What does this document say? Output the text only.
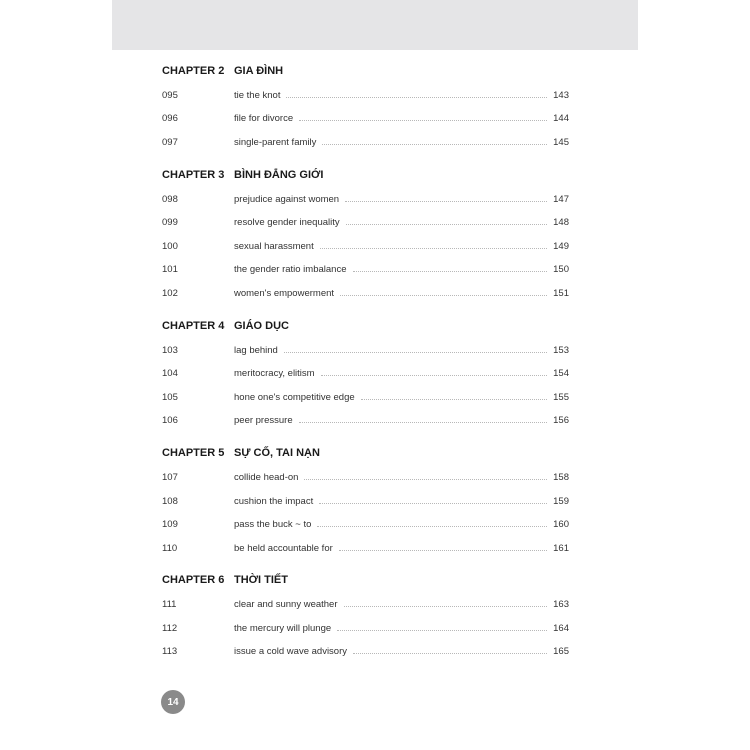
CHAPTER 2 GIA ĐÌNH
095	tie the knot	143
096	file for divorce	144
097	single-parent family	145
CHAPTER 3 BÌNH ĐẲNG GIỚI
098	prejudice against women	147
099	resolve gender inequality	148
100	sexual harassment	149
101	the gender ratio imbalance	150
102	women's empowerment	151
CHAPTER 4 GIÁO DỤC
103	lag behind	153
104	meritocracy, elitism	154
105	hone one's competitive edge	155
106	peer pressure	156
CHAPTER 5 SỰ CỐ, TAI NẠN
107	collide head-on	158
108	cushion the impact	159
109	pass the buck ~ to	160
110	be held accountable for	161
CHAPTER 6 THỜI TIẾT
111	clear and sunny weather	163
112	the mercury will plunge	164
113	issue a cold wave advisory	165
14
